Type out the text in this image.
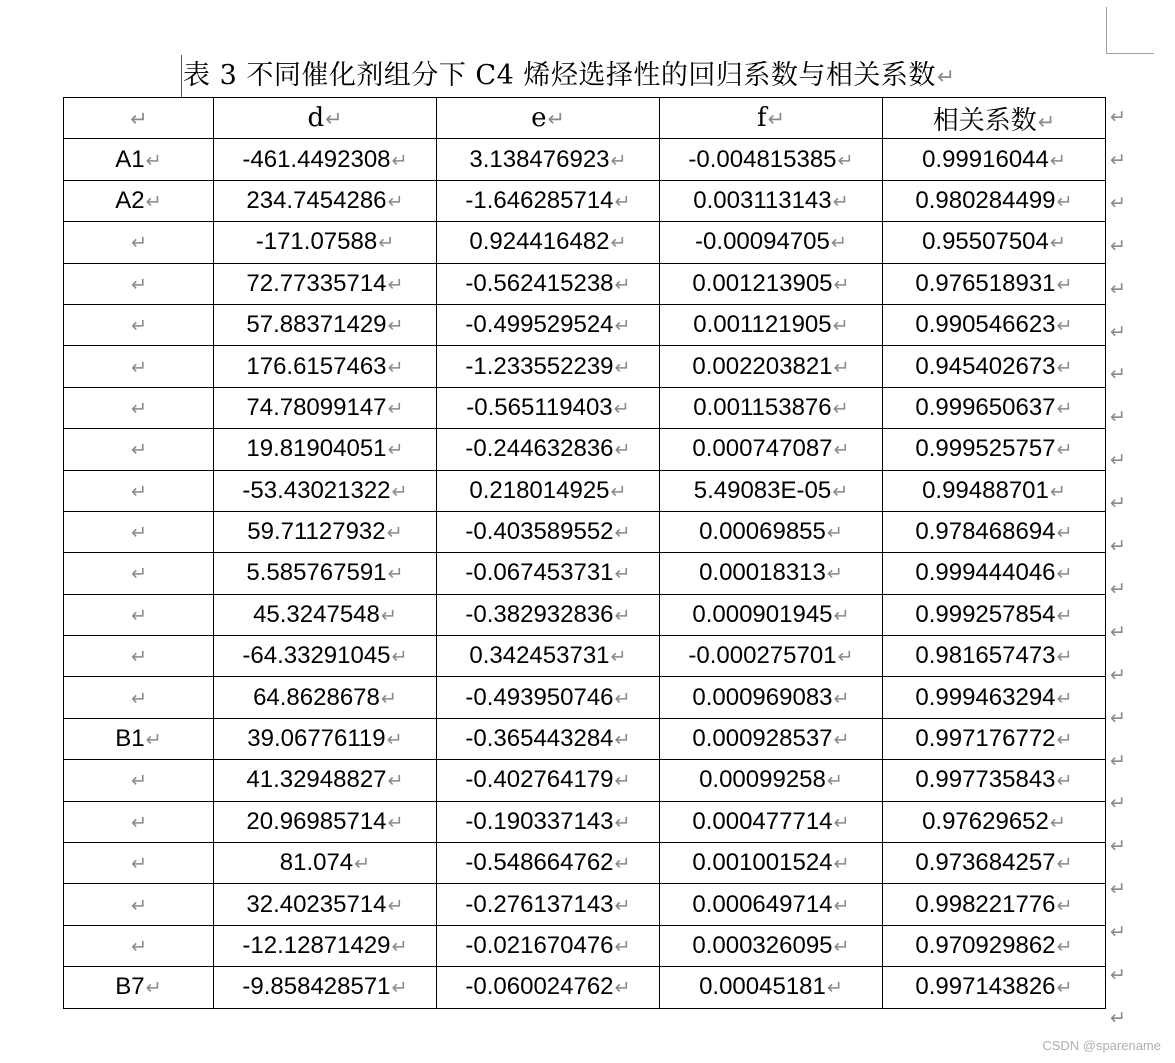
表 3 不同催化剂组分下 C4 烯烃选择性的回归系数与相关系数↵
↵	d↵	e↵	f↵	相关系数↵
A1↵	-461.4492308↵	3.138476923↵	-0.004815385↵	0.99916044↵
A2↵	234.7454286↵	-1.646285714↵	0.003113143↵	0.980284499↵
↵	-171.07588↵	0.924416482↵	-0.00094705↵	0.95507504↵
↵	72.77335714↵	-0.562415238↵	0.001213905↵	0.976518931↵
↵	57.88371429↵	-0.499529524↵	0.001121905↵	0.990546623↵
↵	176.6157463↵	-1.233552239↵	0.002203821↵	0.945402673↵
↵	74.78099147↵	-0.565119403↵	0.001153876↵	0.999650637↵
↵	19.81904051↵	-0.244632836↵	0.000747087↵	0.999525757↵
↵	-53.43021322↵	0.218014925↵	5.49083E-05↵	0.99488701↵
↵	59.71127932↵	-0.403589552↵	0.00069855↵	0.978468694↵
↵	5.585767591↵	-0.067453731↵	0.00018313↵	0.999444046↵
↵	45.3247548↵	-0.382932836↵	0.000901945↵	0.999257854↵
↵	-64.33291045↵	0.342453731↵	-0.000275701↵	0.981657473↵
↵	64.8628678↵	-0.493950746↵	0.000969083↵	0.999463294↵
B1↵	39.06776119↵	-0.365443284↵	0.000928537↵	0.997176772↵
↵	41.32948827↵	-0.402764179↵	0.00099258↵	0.997735843↵
↵	20.96985714↵	-0.190337143↵	0.000477714↵	0.97629652↵
↵	81.074↵	-0.548664762↵	0.001001524↵	0.973684257↵
↵	32.40235714↵	-0.276137143↵	0.000649714↵	0.998221776↵
↵	-12.12871429↵	-0.021670476↵	0.000326095↵	0.970929862↵
B7↵	-9.858428571↵	-0.060024762↵	0.00045181↵	0.997143826↵
↵
↵
↵
↵
↵
↵
↵
↵
↵
↵
↵
↵
↵
↵
↵
↵
↵
↵
↵
↵
↵
↵
CSDN @sparename
